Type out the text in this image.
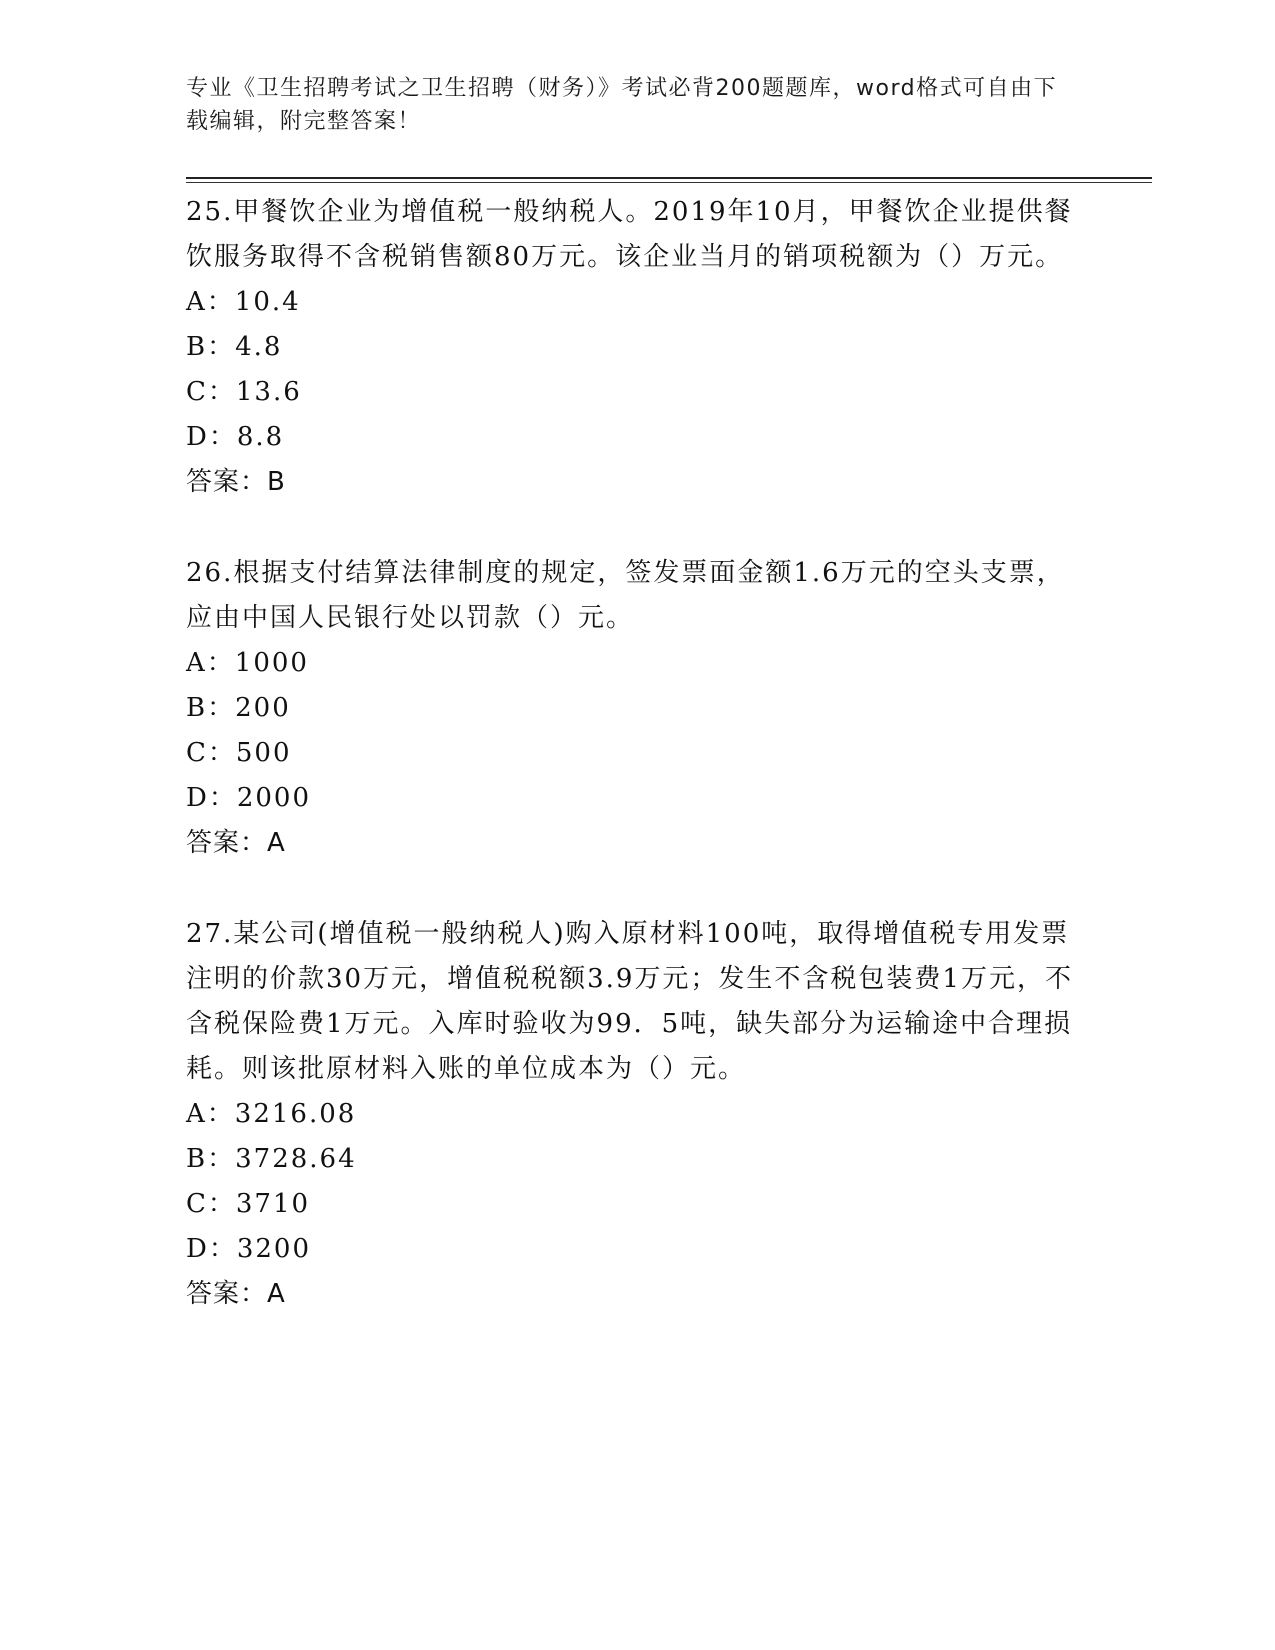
专业《卫生招聘考试之卫生招聘（财务）》考试必背200题题库，word格式可自由下载编辑，附完整答案！

25.甲餐饮企业为增值税一般纳税人。2019年10月，甲餐饮企业提供餐饮服务取得不含税销售额80万元。该企业当月的销项税额为（）万元。

A：10.4

B：4.8

C：13.6

D：8.8

答案：B

26.根据支付结算法律制度的规定，签发票面金额1.6万元的空头支票，应由中国人民银行处以罚款（）元。

A：1000

B：200

C：500

D：2000

答案：A

27.某公司(增值税一般纳税人)购入原材料100吨，取得增值税专用发票注明的价款30万元，增值税税额3.9万元；发生不含税包装费1万元，不含税保险费1万元。入库时验收为99．5吨，缺失部分为运输途中合理损耗。则该批原材料入账的单位成本为（）元。

A：3216.08

B：3728.64

C：3710

D：3200

答案：A
